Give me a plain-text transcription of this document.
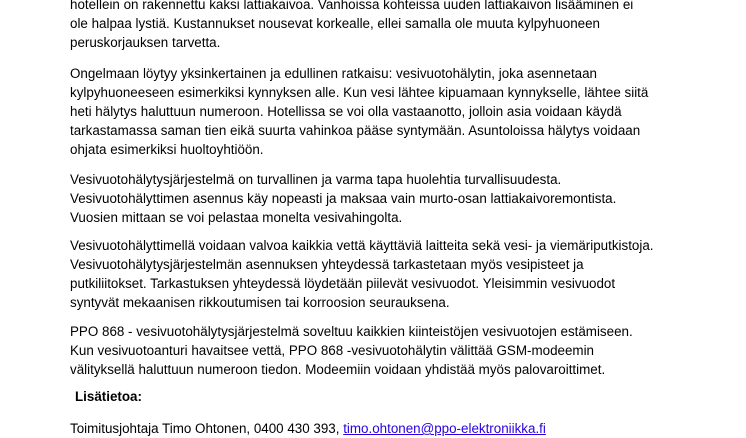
hotellein on rakennettu kaksi lattiakaivoa. Vanhoissa kohteissa uuden lattiakaivon lisääminen ei
ole halpaa lystiä. Kustannukset nousevat korkealle, ellei samalla ole muuta kylpyhuoneen
peruskorjauksen tarvetta.

Ongelmaan löytyy yksinkertainen ja edullinen ratkaisu: vesivuotohälytin, joka asennetaan
kylpyhuoneeseen esimerkiksi kynnyksen alle. Kun vesi lähtee kipuamaan kynnykselle, lähtee siitä
heti hälytys haluttuun numeroon. Hotellissa se voi olla vastaanotto, jolloin asia voidaan käydä
tarkastamassa saman tien eikä suurta vahinkoa pääse syntymään. Asuntoloissa hälytys voidaan
ohjata esimerkiksi huoltoyhtiöön.

Vesivuotohälytysjärjestelmä on turvallinen ja varma tapa huolehtia turvallisuudesta.
Vesivuotohälyttimen asennus käy nopeasti ja maksaa vain murto-osan lattiakaivoremontista.
Vuosien mittaan se voi pelastaa monelta vesivahingolta.

Vesivuotohälyttimellä voidaan valvoa kaikkia vettä käyttäviä laitteita sekä vesi- ja viemäriputkistoja.
Vesivuotohälytysjärjestelmän asennuksen yhteydessä tarkastetaan myös vesipisteet ja
putkiliitokset. Tarkastuksen yhteydessä löydetään piilevät vesivuodot. Yleisimmin vesivuodot
syntyvät mekaanisen rikkoutumisen tai korroosion seurauksena.

PPO 868 - vesivuotohälytysjärjestelmä soveltuu kaikkien kiinteistöjen vesivuotojen estämiseen.
Kun vesivuotoanturi havaitsee vettä, PPO 868 -vesivuotohälytin välittää GSM-modeemin
välityksellä haluttuun numeroon tiedon. Modeemiin voidaan yhdistää myös palovaroittimet.

Lisätietoa:

Toimitusjohtaja Timo Ohtonen, 0400 430 393, timo.ohtonen@ppo-elektroniikka.fi
